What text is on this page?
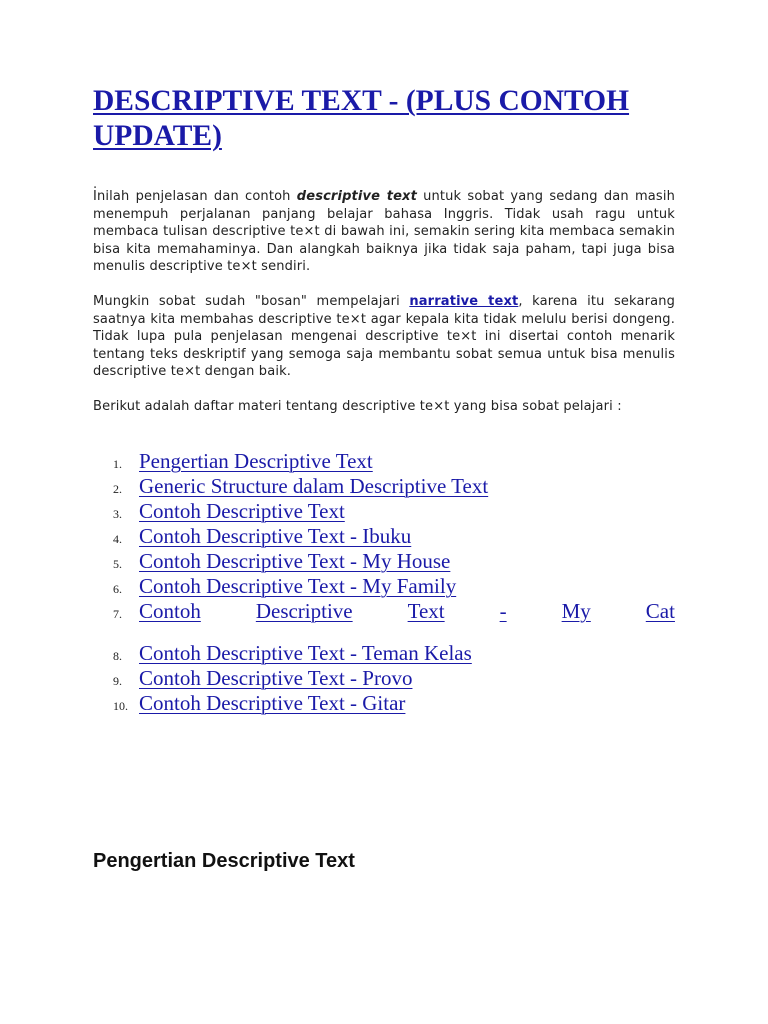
DESCRIPTIVE TEXT - (PLUS CONTOH UPDATE)
.

Inilah penjelasan dan contoh descriptive text untuk sobat yang sedang dan masih menempuh perjalanan panjang belajar bahasa Inggris. Tidak usah ragu untuk membaca tulisan descriptive te×t di bawah ini, semakin sering kita membaca semakin bisa kita memahaminya. Dan alangkah baiknya jika tidak saja paham, tapi juga bisa menulis descriptive te×t sendiri.

Mungkin sobat sudah "bosan" mempelajari narrative text, karena itu sekarang saatnya kita membahas descriptive te×t agar kepala kita tidak melulu berisi dongeng. Tidak lupa pula penjelasan mengenai descriptive te×t ini disertai contoh menarik tentang teks deskriptif yang semoga saja membantu sobat semua untuk bisa menulis descriptive te×t dengan baik.

Berikut adalah daftar materi tentang descriptive te×t yang bisa sobat pelajari :

1. Pengertian Descriptive Text
2. Generic Structure dalam Descriptive Text
3. Contoh Descriptive Text
4. Contoh Descriptive Text - Ibuku
5. Contoh Descriptive Text - My House
6. Contoh Descriptive Text - My Family
7. Contoh	Descriptive	Text	-	My	Cat
8. Contoh Descriptive Text - Teman Kelas
9. Contoh Descriptive Text - Provo
10. Contoh Descriptive Text - Gitar
Pengertian Descriptive Text
